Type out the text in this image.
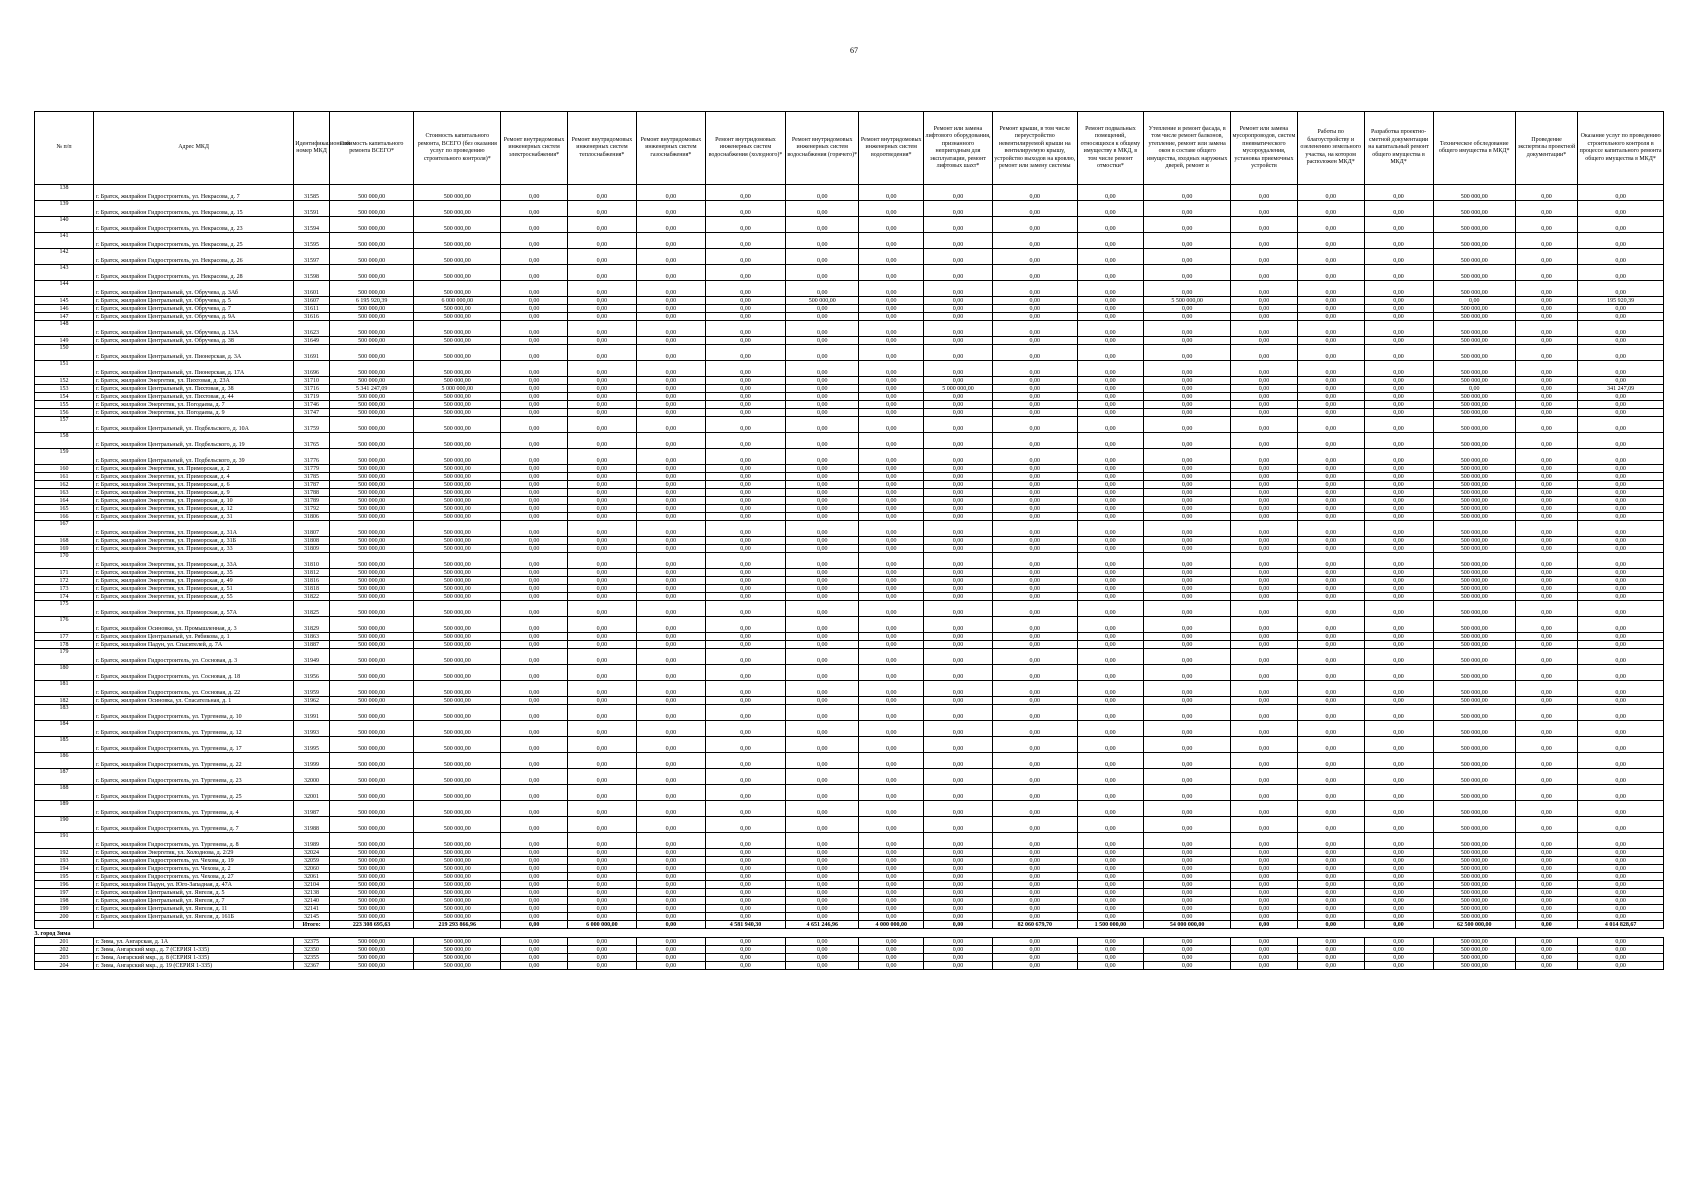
67
№ п/п	Адрес МКД	Идентификационный номер МКД	Стоимость капитального ремонта ВСЕГО*	Стоимость капитального ремонта, ВСЕГО (без оказания услуг по проведению строительного контроля)*	Ремонт внутридомовых инженерных систем электроснабжения*	Ремонт внутридомовых инженерных систем теплоснабжения*	Ремонт внутридомовых инженерных систем газоснабжения*	Ремонт внутридомовых инженерных систем водоснабжения (холодного)*	Ремонт внутридомовых инженерных систем водоснабжения (горячего)*	Ремонт внутридомовых инженерных систем водоотведения*	Ремонт или замена лифтового оборудования, признанного непригодным для эксплуатации, ремонт лифтовых шахт*	Ремонт крыши, в том числе переустройство невентилируемой крыши на вентилируемую крышу, устройство выходов на кровлю, ремонт или замену системы	Ремонт подвальных помещений, относящихся к общему имуществу в МКД, в том числе ремонт отмостки*	Утепление и ремонт фасада, в том числе ремонт балконов, утепление, ремонт или замена окон в составе общего имущества, входных наружных дверей, ремонт и	Ремонт или замена мусоропроводов, систем пневматического мусороудаления, установка приемочных устройств	Работы по благоустройству и озеленению земельного участка, на котором расположен МКД*	Разработка проектно-сметной документации на капитальный ремонт общего имущества в МКД*	Техническое обследование общего имущества в МКД*	Проведение экспертизы проектной документации*	Оказание услуг по проведению строительного контроля в процессе капитального ремонта общего имущества в МКД*
138	г. Братск, жилрайон Гидростроитель, ул. Некрасова, д. 7	31585	500 000,00	500 000,00	0,00	0,00	0,00	0,00	0,00	0,00	0,00	0,00	0,00	0,00	0,00	0,00	0,00	500 000,00	0,00	0,00
139	г. Братск, жилрайон Гидростроитель, ул. Некрасова, д. 15	31591	500 000,00	500 000,00	0,00	0,00	0,00	0,00	0,00	0,00	0,00	0,00	0,00	0,00	0,00	0,00	0,00	500 000,00	0,00	0,00
140	г. Братск, жилрайон Гидростроитель, ул. Некрасова, д. 23	31594	500 000,00	500 000,00	0,00	0,00	0,00	0,00	0,00	0,00	0,00	0,00	0,00	0,00	0,00	0,00	0,00	500 000,00	0,00	0,00
141	г. Братск, жилрайон Гидростроитель, ул. Некрасова, д. 25	31595	500 000,00	500 000,00	0,00	0,00	0,00	0,00	0,00	0,00	0,00	0,00	0,00	0,00	0,00	0,00	0,00	500 000,00	0,00	0,00
142	г. Братск, жилрайон Гидростроитель, ул. Некрасова, д. 26	31597	500 000,00	500 000,00	0,00	0,00	0,00	0,00	0,00	0,00	0,00	0,00	0,00	0,00	0,00	0,00	0,00	500 000,00	0,00	0,00
143	г. Братск, жилрайон Гидростроитель, ул. Некрасова, д. 28	31598	500 000,00	500 000,00	0,00	0,00	0,00	0,00	0,00	0,00	0,00	0,00	0,00	0,00	0,00	0,00	0,00	500 000,00	0,00	0,00
144	г. Братск, жилрайон Центральный, ул. Обручева, д. 3Аб	31601	500 000,00	500 000,00	0,00	0,00	0,00	0,00	0,00	0,00	0,00	0,00	0,00	0,00	0,00	0,00	0,00	500 000,00	0,00	0,00
145	г. Братск, жилрайон Центральный, ул. Обручева, д. 5	31607	6 195 920,39	6 000 000,00	0,00	0,00	0,00	0,00	500 000,00	0,00	0,00	0,00	0,00	5 500 000,00	0,00	0,00	0,00	0,00	0,00	195 920,39
146	г. Братск, жилрайон Центральный, ул. Обручева, д. 7	31611	500 000,00	500 000,00	0,00	0,00	0,00	0,00	0,00	0,00	0,00	0,00	0,00	0,00	0,00	0,00	0,00	500 000,00	0,00	0,00
147	г. Братск, жилрайон Центральный, ул. Обручева, д. 9А	31616	500 000,00	500 000,00	0,00	0,00	0,00	0,00	0,00	0,00	0,00	0,00	0,00	0,00	0,00	0,00	0,00	500 000,00	0,00	0,00
148	г. Братск, жилрайон Центральный, ул. Обручева, д. 13А	31623	500 000,00	500 000,00	0,00	0,00	0,00	0,00	0,00	0,00	0,00	0,00	0,00	0,00	0,00	0,00	0,00	500 000,00	0,00	0,00
149	г. Братск, жилрайон Центральный, ул. Обручева, д. 38	31649	500 000,00	500 000,00	0,00	0,00	0,00	0,00	0,00	0,00	0,00	0,00	0,00	0,00	0,00	0,00	0,00	500 000,00	0,00	0,00
150	г. Братск, жилрайон Центральный, ул. Пионерская, д. 3А	31691	500 000,00	500 000,00	0,00	0,00	0,00	0,00	0,00	0,00	0,00	0,00	0,00	0,00	0,00	0,00	0,00	500 000,00	0,00	0,00
151	г. Братск, жилрайон Центральный, ул. Пионерская, д. 17А	31696	500 000,00	500 000,00	0,00	0,00	0,00	0,00	0,00	0,00	0,00	0,00	0,00	0,00	0,00	0,00	0,00	500 000,00	0,00	0,00
152	г. Братск, жилрайон Энергетик, ул. Пихтовая, д. 23А	31710	500 000,00	500 000,00	0,00	0,00	0,00	0,00	0,00	0,00	0,00	0,00	0,00	0,00	0,00	0,00	0,00	500 000,00	0,00	0,00
153	г. Братск, жилрайон Центральный, ул. Пихтовая, д. 38	31716	5 341 247,09	5 000 000,00	0,00	0,00	0,00	0,00	0,00	0,00	5 000 000,00	0,00	0,00	0,00	0,00	0,00	0,00	0,00	0,00	341 247,09
154	г. Братск, жилрайон Центральный, ул. Пихтовая, д. 44	31719	500 000,00	500 000,00	0,00	0,00	0,00	0,00	0,00	0,00	0,00	0,00	0,00	0,00	0,00	0,00	0,00	500 000,00	0,00	0,00
155	г. Братск, жилрайон Энергетик, ул. Погодаева, д. 7	31746	500 000,00	500 000,00	0,00	0,00	0,00	0,00	0,00	0,00	0,00	0,00	0,00	0,00	0,00	0,00	0,00	500 000,00	0,00	0,00
156	г. Братск, жилрайон Энергетик, ул. Погодаева, д. 9	31747	500 000,00	500 000,00	0,00	0,00	0,00	0,00	0,00	0,00	0,00	0,00	0,00	0,00	0,00	0,00	0,00	500 000,00	0,00	0,00
157	г. Братск, жилрайон Центральный, ул. Подбельского, д. 10А	31759	500 000,00	500 000,00	0,00	0,00	0,00	0,00	0,00	0,00	0,00	0,00	0,00	0,00	0,00	0,00	0,00	500 000,00	0,00	0,00
158	г. Братск, жилрайон Центральный, ул. Подбельского, д. 19	31765	500 000,00	500 000,00	0,00	0,00	0,00	0,00	0,00	0,00	0,00	0,00	0,00	0,00	0,00	0,00	0,00	500 000,00	0,00	0,00
159	г. Братск, жилрайон Центральный, ул. Подбельского, д. 39	31776	500 000,00	500 000,00	0,00	0,00	0,00	0,00	0,00	0,00	0,00	0,00	0,00	0,00	0,00	0,00	0,00	500 000,00	0,00	0,00
160	г. Братск, жилрайон Энергетик, ул. Приморская, д. 2	31779	500 000,00	500 000,00	0,00	0,00	0,00	0,00	0,00	0,00	0,00	0,00	0,00	0,00	0,00	0,00	0,00	500 000,00	0,00	0,00
161	г. Братск, жилрайон Энергетик, ул. Приморская, д. 4	31785	500 000,00	500 000,00	0,00	0,00	0,00	0,00	0,00	0,00	0,00	0,00	0,00	0,00	0,00	0,00	0,00	500 000,00	0,00	0,00
162	г. Братск, жилрайон Энергетик, ул. Приморская, д. 6	31787	500 000,00	500 000,00	0,00	0,00	0,00	0,00	0,00	0,00	0,00	0,00	0,00	0,00	0,00	0,00	0,00	500 000,00	0,00	0,00
163	г. Братск, жилрайон Энергетик, ул. Приморская, д. 9	31788	500 000,00	500 000,00	0,00	0,00	0,00	0,00	0,00	0,00	0,00	0,00	0,00	0,00	0,00	0,00	0,00	500 000,00	0,00	0,00
164	г. Братск, жилрайон Энергетик, ул. Приморская, д. 10	31789	500 000,00	500 000,00	0,00	0,00	0,00	0,00	0,00	0,00	0,00	0,00	0,00	0,00	0,00	0,00	0,00	500 000,00	0,00	0,00
165	г. Братск, жилрайон Энергетик, ул. Приморская, д. 12	31792	500 000,00	500 000,00	0,00	0,00	0,00	0,00	0,00	0,00	0,00	0,00	0,00	0,00	0,00	0,00	0,00	500 000,00	0,00	0,00
166	г. Братск, жилрайон Энергетик, ул. Приморская, д. 31	31806	500 000,00	500 000,00	0,00	0,00	0,00	0,00	0,00	0,00	0,00	0,00	0,00	0,00	0,00	0,00	0,00	500 000,00	0,00	0,00
167	г. Братск, жилрайон Энергетик, ул. Приморская, д. 31А	31807	500 000,00	500 000,00	0,00	0,00	0,00	0,00	0,00	0,00	0,00	0,00	0,00	0,00	0,00	0,00	0,00	500 000,00	0,00	0,00
168	г. Братск, жилрайон Энергетик, ул. Приморская, д. 31Б	31808	500 000,00	500 000,00	0,00	0,00	0,00	0,00	0,00	0,00	0,00	0,00	0,00	0,00	0,00	0,00	0,00	500 000,00	0,00	0,00
169	г. Братск, жилрайон Энергетик, ул. Приморская, д. 33	31809	500 000,00	500 000,00	0,00	0,00	0,00	0,00	0,00	0,00	0,00	0,00	0,00	0,00	0,00	0,00	0,00	500 000,00	0,00	0,00
170	г. Братск, жилрайон Энергетик, ул. Приморская, д. 33А	31810	500 000,00	500 000,00	0,00	0,00	0,00	0,00	0,00	0,00	0,00	0,00	0,00	0,00	0,00	0,00	0,00	500 000,00	0,00	0,00
171	г. Братск, жилрайон Энергетик, ул. Приморская, д. 35	31812	500 000,00	500 000,00	0,00	0,00	0,00	0,00	0,00	0,00	0,00	0,00	0,00	0,00	0,00	0,00	0,00	500 000,00	0,00	0,00
172	г. Братск, жилрайон Энергетик, ул. Приморская, д. 49	31816	500 000,00	500 000,00	0,00	0,00	0,00	0,00	0,00	0,00	0,00	0,00	0,00	0,00	0,00	0,00	0,00	500 000,00	0,00	0,00
173	г. Братск, жилрайон Энергетик, ул. Приморская, д. 51	31818	500 000,00	500 000,00	0,00	0,00	0,00	0,00	0,00	0,00	0,00	0,00	0,00	0,00	0,00	0,00	0,00	500 000,00	0,00	0,00
174	г. Братск, жилрайон Энергетик, ул. Приморская, д. 55	31822	500 000,00	500 000,00	0,00	0,00	0,00	0,00	0,00	0,00	0,00	0,00	0,00	0,00	0,00	0,00	0,00	500 000,00	0,00	0,00
175	г. Братск, жилрайон Энергетик, ул. Приморская, д. 57А	31825	500 000,00	500 000,00	0,00	0,00	0,00	0,00	0,00	0,00	0,00	0,00	0,00	0,00	0,00	0,00	0,00	500 000,00	0,00	0,00
176	г. Братск, жилрайон Осиновка, ул. Промышленная, д. 3	31829	500 000,00	500 000,00	0,00	0,00	0,00	0,00	0,00	0,00	0,00	0,00	0,00	0,00	0,00	0,00	0,00	500 000,00	0,00	0,00
177	г. Братск, жилрайон Центральный, ул. Рябикова, д. 1	31863	500 000,00	500 000,00	0,00	0,00	0,00	0,00	0,00	0,00	0,00	0,00	0,00	0,00	0,00	0,00	0,00	500 000,00	0,00	0,00
178	г. Братск, жилрайон Падун, ул. Спасителей, д. 7А	31887	500 000,00	500 000,00	0,00	0,00	0,00	0,00	0,00	0,00	0,00	0,00	0,00	0,00	0,00	0,00	0,00	500 000,00	0,00	0,00
179	г. Братск, жилрайон Гидростроитель, ул. Сосновая, д. 3	31949	500 000,00	500 000,00	0,00	0,00	0,00	0,00	0,00	0,00	0,00	0,00	0,00	0,00	0,00	0,00	0,00	500 000,00	0,00	0,00
180	г. Братск, жилрайон Гидростроитель, ул. Сосновая, д. 18	31956	500 000,00	500 000,00	0,00	0,00	0,00	0,00	0,00	0,00	0,00	0,00	0,00	0,00	0,00	0,00	0,00	500 000,00	0,00	0,00
181	г. Братск, жилрайон Гидростроитель, ул. Сосновая, д. 22	31959	500 000,00	500 000,00	0,00	0,00	0,00	0,00	0,00	0,00	0,00	0,00	0,00	0,00	0,00	0,00	0,00	500 000,00	0,00	0,00
182	г. Братск, жилрайон Осиновка, ул. Спасательная, д. 1	31962	500 000,00	500 000,00	0,00	0,00	0,00	0,00	0,00	0,00	0,00	0,00	0,00	0,00	0,00	0,00	0,00	500 000,00	0,00	0,00
183	г. Братск, жилрайон Гидростроитель, ул. Тургенева, д. 10	31991	500 000,00	500 000,00	0,00	0,00	0,00	0,00	0,00	0,00	0,00	0,00	0,00	0,00	0,00	0,00	0,00	500 000,00	0,00	0,00
184	г. Братск, жилрайон Гидростроитель, ул. Тургенева, д. 12	31993	500 000,00	500 000,00	0,00	0,00	0,00	0,00	0,00	0,00	0,00	0,00	0,00	0,00	0,00	0,00	0,00	500 000,00	0,00	0,00
185	г. Братск, жилрайон Гидростроитель, ул. Тургенева, д. 17	31995	500 000,00	500 000,00	0,00	0,00	0,00	0,00	0,00	0,00	0,00	0,00	0,00	0,00	0,00	0,00	0,00	500 000,00	0,00	0,00
186	г. Братск, жилрайон Гидростроитель, ул. Тургенева, д. 22	31999	500 000,00	500 000,00	0,00	0,00	0,00	0,00	0,00	0,00	0,00	0,00	0,00	0,00	0,00	0,00	0,00	500 000,00	0,00	0,00
187	г. Братск, жилрайон Гидростроитель, ул. Тургенева, д. 23	32000	500 000,00	500 000,00	0,00	0,00	0,00	0,00	0,00	0,00	0,00	0,00	0,00	0,00	0,00	0,00	0,00	500 000,00	0,00	0,00
188	г. Братск, жилрайон Гидростроитель, ул. Тургенева, д. 25	32001	500 000,00	500 000,00	0,00	0,00	0,00	0,00	0,00	0,00	0,00	0,00	0,00	0,00	0,00	0,00	0,00	500 000,00	0,00	0,00
189	г. Братск, жилрайон Гидростроитель, ул. Тургенева, д. 4	31987	500 000,00	500 000,00	0,00	0,00	0,00	0,00	0,00	0,00	0,00	0,00	0,00	0,00	0,00	0,00	0,00	500 000,00	0,00	0,00
190	г. Братск, жилрайон Гидростроитель, ул. Тургенева, д. 7	31988	500 000,00	500 000,00	0,00	0,00	0,00	0,00	0,00	0,00	0,00	0,00	0,00	0,00	0,00	0,00	0,00	500 000,00	0,00	0,00
191	г. Братск, жилрайон Гидростроитель, ул. Тургенева, д. 8	31989	500 000,00	500 000,00	0,00	0,00	0,00	0,00	0,00	0,00	0,00	0,00	0,00	0,00	0,00	0,00	0,00	500 000,00	0,00	0,00
192	г. Братск, жилрайон Энергетик, ул. Холоднова, д. 2/29	32024	500 000,00	500 000,00	0,00	0,00	0,00	0,00	0,00	0,00	0,00	0,00	0,00	0,00	0,00	0,00	0,00	500 000,00	0,00	0,00
193	г. Братск, жилрайон Гидростроитель, ул. Чехова, д. 19	32059	500 000,00	500 000,00	0,00	0,00	0,00	0,00	0,00	0,00	0,00	0,00	0,00	0,00	0,00	0,00	0,00	500 000,00	0,00	0,00
194	г. Братск, жилрайон Гидростроитель, ул. Чехова, д. 2	32060	500 000,00	500 000,00	0,00	0,00	0,00	0,00	0,00	0,00	0,00	0,00	0,00	0,00	0,00	0,00	0,00	500 000,00	0,00	0,00
195	г. Братск, жилрайон Гидростроитель, ул. Чехова, д. 27	32061	500 000,00	500 000,00	0,00	0,00	0,00	0,00	0,00	0,00	0,00	0,00	0,00	0,00	0,00	0,00	0,00	500 000,00	0,00	0,00
196	г. Братск, жилрайон Падун, ул. Юго-Западная, д. 47А	32104	500 000,00	500 000,00	0,00	0,00	0,00	0,00	0,00	0,00	0,00	0,00	0,00	0,00	0,00	0,00	0,00	500 000,00	0,00	0,00
197	г. Братск, жилрайон Центральный, ул. Янгеля, д. 5	32138	500 000,00	500 000,00	0,00	0,00	0,00	0,00	0,00	0,00	0,00	0,00	0,00	0,00	0,00	0,00	0,00	500 000,00	0,00	0,00
198	г. Братск, жилрайон Центральный, ул. Янгеля, д. 7	32140	500 000,00	500 000,00	0,00	0,00	0,00	0,00	0,00	0,00	0,00	0,00	0,00	0,00	0,00	0,00	0,00	500 000,00	0,00	0,00
199	г. Братск, жилрайон Центральный, ул. Янгеля, д. 11	32141	500 000,00	500 000,00	0,00	0,00	0,00	0,00	0,00	0,00	0,00	0,00	0,00	0,00	0,00	0,00	0,00	500 000,00	0,00	0,00
200	г. Братск, жилрайон Центральный, ул. Янгеля, д. 161Б	32145	500 000,00	500 000,00	0,00	0,00	0,00	0,00	0,00	0,00	0,00	0,00	0,00	0,00	0,00	0,00	0,00	500 000,00	0,00	0,00
		Итого:	223 308 695,63	219 293 866,96	0,00	6 000 000,00	0,00	4 581 940,30	4 651 246,96	4 000 000,00	0,00	82 060 679,70	1 500 000,00	54 000 000,00	0,00	0,00	0,00	62 500 000,00	0,00	4 014 828,67
3. город Зима																				
201	г. Зима, ул. Ангарская, д. 1А	32375	500 000,00	500 000,00	0,00	0,00	0,00	0,00	0,00	0,00	0,00	0,00	0,00	0,00	0,00	0,00	0,00	500 000,00	0,00	0,00
202	г. Зима, Ангарский мкр., д. 7 (СЕРИЯ 1-335)	32350	500 000,00	500 000,00	0,00	0,00	0,00	0,00	0,00	0,00	0,00	0,00	0,00	0,00	0,00	0,00	0,00	500 000,00	0,00	0,00
203	г. Зима, Ангарский мкр., д. 8 (СЕРИЯ 1-335)	32355	500 000,00	500 000,00	0,00	0,00	0,00	0,00	0,00	0,00	0,00	0,00	0,00	0,00	0,00	0,00	0,00	500 000,00	0,00	0,00
204	г. Зима, Ангарский мкр., д. 19 (СЕРИЯ 1-335)	32367	500 000,00	500 000,00	0,00	0,00	0,00	0,00	0,00	0,00	0,00	0,00	0,00	0,00	0,00	0,00	0,00	500 000,00	0,00	0,00
